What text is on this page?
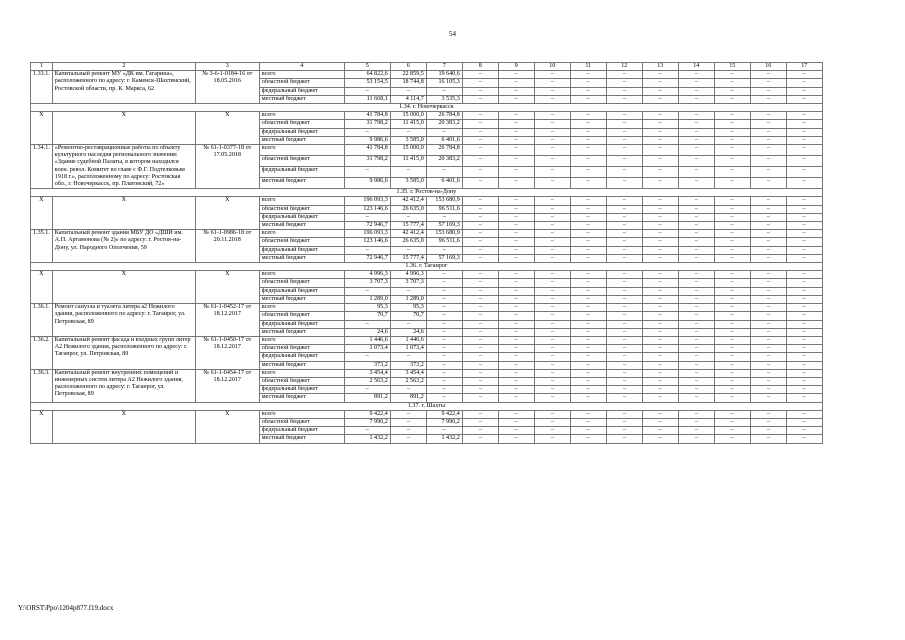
54
1	2	3	4	5	6	7	8	9	10	11	12	13	14	15	16	17
1.33.1.	Капитальный ремонт МУ «ДК им. Гагарина», расположенного по адресу: г. Каменск-Шахтинский, Ростовской области, пр. К. Маркса, 62	№ 3-6-1-0184-16 от 18.05.2016	всего	64 822,6	22 859,5	19 640,6	–	–	–	–	–	–	–	–	–	–
			областной бюджет	53 154,5	18 744,8	16 105,3	–	–	–	–	–	–	–	–	–	–
			федеральный бюджет	–	–	–	–	–	–	–	–	–	–	–	–	–
			местный бюджет	11 668,1	4 114,7	3 535,3	–	–	–	–	–	–	–	–	–	–
1.34. г. Новочеркасск																
Х	Х	Х	всего	41 784,8	15 000,0	26 784,8	–	–	–	–	–	–	–	–	–	–
			областной бюджет	31 798,2	11 415,0	20 383,2	–	–	–	–	–	–	–	–	–	–
			федеральный бюджет	–	–	–	–	–	–	–	–	–	–	–	–	–
			местный бюджет	9 986,6	3 585,0	6 401,6	–	–	–	–	–	–	–	–	–	–
1.34.1.	«Ремонтно-реставрационные работы по объекту культурного наследия регионального значения: «Здание судебной Палаты, в котором находился воен. револ. Комитет во главе с Ф.Г. Подтелковым 1918 г.», расположенному по адресу: Ростовская обл., г. Новочеркасск, пр. Платовский, 72»	№ 61-1-0377-18 от 17.05.2018	всего	41 784,8	15 000,0	26 784,8	–	–	–	–	–	–	–	–	–	–
			областной бюджет	31 798,2	11 415,0	20 383,2	–	–	–	–	–	–	–	–	–	–
			федеральный бюджет	–	–	–	–	–	–	–	–	–	–	–	–	–
			местный бюджет	9 986,6	3 585,0	6 401,6	–	–	–	–	–	–	–	–	–	–
1.35. г. Ростов-на-Дону																
Х	Х	Х	всего	196 093,3	42 412,4	153 680,9	–	–	–	–	–	–	–	–	–	–
			областной бюджет	123 146,6	26 635,0	96 511,6	–	–	–	–	–	–	–	–	–	–
			федеральный бюджет	–	–	–	–	–	–	–	–	–	–	–	–	–
			местный бюджет	72 946,7	15 777,4	57 169,3	–	–	–	–	–	–	–	–	–	–
1.35.1.	Капитальный ремонт здания МБУ ДО «ДШИ им. А.П. Артамонова (№ 2)» по адресу: г. Ростов-на-Дону, ул. Народного Ополчения, 59	№ 61-1-0986-18 от 20.11.2018	всего	196 093,3	42 412,4	153 680,9	–	–	–	–	–	–	–	–	–	–
			областной бюджет	123 146,6	26 635,0	96 511,6	–	–	–	–	–	–	–	–	–	–
			федеральный бюджет	–	–	–	–	–	–	–	–	–	–	–	–	–
			местный бюджет	72 946,7	15 777,4	57 169,3	–	–	–	–	–	–	–	–	–	–
1.36. г. Таганрог																
Х	Х	Х	всего	4 996,3	4 996,3	–	–	–	–	–	–	–	–	–	–	–
			областной бюджет	3 707,3	3 707,3	–	–	–	–	–	–	–	–	–	–	–
			федеральный бюджет	–	–	–	–	–	–	–	–	–	–	–	–	–
			местный бюджет	1 289,0	1 289,0	–	–	–	–	–	–	–	–	–	–	–
1.36.1.	Ремонт санузла и туалета литера а2 Нежилого здания, расположенного по адресу: г. Таганрог, ул. Петровская, 89	№ 61-1-0452-17 от 18.12.2017	всего	95,3	95,3	–	–	–	–	–	–	–	–	–	–	–
			областной бюджет	70,7	70,7	–	–	–	–	–	–	–	–	–	–	–
			федеральный бюджет	–	–	–	–	–	–	–	–	–	–	–	–	–
			местный бюджет	24,6	24,6	–	–	–	–	–	–	–	–	–	–	–
1.36.2.	Капитальный ремонт фасада и входных групп литер А2 Нежилого здания, расположенного по адресу: г. Таганрог, ул. Петровская, 89	№ 61-1-0450-17 от 18.12.2017	всего	1 446,6	1 446,6	–	–	–	–	–	–	–	–	–	–	–
			областной бюджет	1 073,4	1 073,4	–	–	–	–	–	–	–	–	–	–	–
			федеральный бюджет	–	–	–	–	–	–	–	–	–	–	–	–	–
			местный бюджет	373,2	373,2	–	–	–	–	–	–	–	–	–	–	–
1.36.3.	Капитальный ремонт внутренних помещений и инженерных систем литера А2 Нежилого здания, расположенного по адресу: г. Таганрог, ул. Петровская, 89	№ 61-1-0454-17 от 18.12.2017	всего	3 454,4	3 454,4	–	–	–	–	–	–	–	–	–	–	–
			областной бюджет	2 563,2	2 563,2	–	–	–	–	–	–	–	–	–	–	–
			федеральный бюджет	–	–	–	–	–	–	–	–	–	–	–	–	–
			местный бюджет	891,2	891,2	–	–	–	–	–	–	–	–	–	–	–
1.37. г. Шахты																
Х	Х	Х	всего	9 422,4	–	9 422,4	–	–	–	–	–	–	–	–	–	–
			областной бюджет	7 990,2	–	7 990,2	–	–	–	–	–	–	–	–	–	–
			федеральный бюджет	–	–	–	–	–	–	–	–	–	–	–	–	–
			местный бюджет	1 432,2	–	1 432,2	–	–	–	–	–	–	–	–	–	–
Y:\ORST\Ppo\1204p877.f19.docx
